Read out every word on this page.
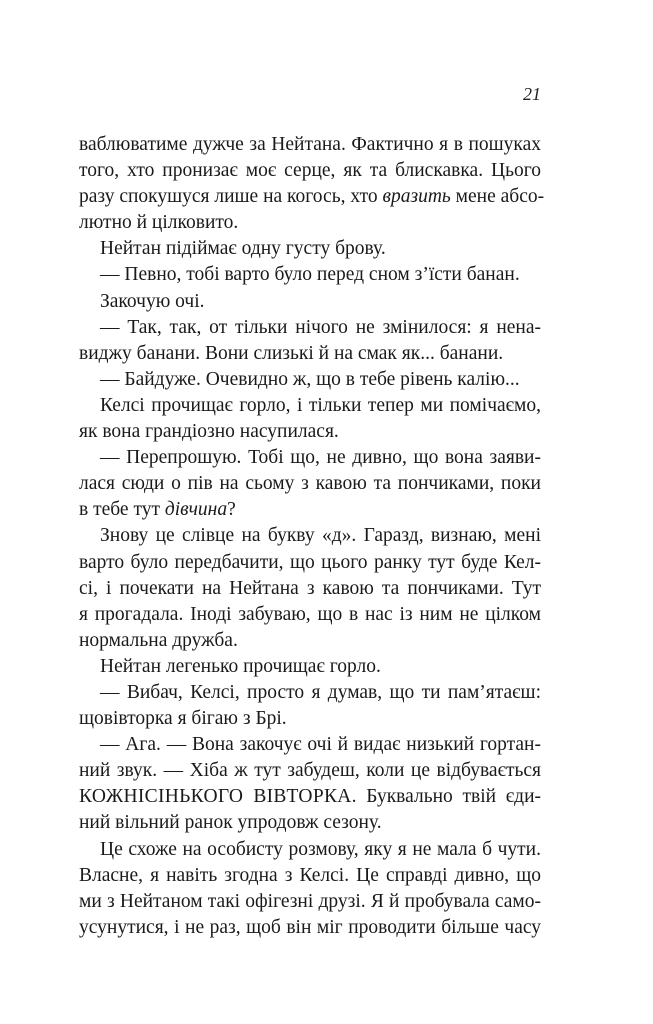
21
ваблюватиме дужче за Нейтана. Фактично я в пошуках
того, хто пронизає моє серце, як та блискавка. Цього
разу спокушуся лише на когось, хто вразить мене абсо-
лютно й цілковито.
Нейтан підіймає одну густу брову.
— Певно, тобі варто було перед сном з’їсти банан.
Закочую очі.
— Так, так, от тільки нічого не змінилося: я нена-
виджу банани. Вони слизькі й на смак як... банани.
— Байдуже. Очевидно ж, що в тебе рівень калію...
Келсі прочищає горло, і тільки тепер ми помічаємо,
як вона грандіозно насупилася.
— Перепрошую. Тобі що, не дивно, що вона заяви-
лася сюди о пів на сьому з кавою та пончиками, поки
в тебе тут дівчина?
Знову це слівце на букву «д». Гаразд, визнаю, мені
варто було передбачити, що цього ранку тут буде Кел-
сі, і почекати на Нейтана з кавою та пончиками. Тут
я прогадала. Іноді забуваю, що в нас із ним не цілком
нормальна дружба.
Нейтан легенько прочищає горло.
— Вибач, Келсі, просто я думав, що ти пам’ятаєш:
щовівторка я бігаю з Брі.
— Ага. — Вона закочує очі й видає низький гортан-
ний звук. — Хіба ж тут забудеш, коли це відбувається
КОЖНІСІНЬКОГО ВІВТОРКА. Буквально твій єди-
ний вільний ранок упродовж сезону.
Це схоже на особисту розмову, яку я не мала б чути.
Власне, я навіть згодна з Келсі. Це справді дивно, що
ми з Нейтаном такі офігезні друзі. Я й пробувала само-
усунутися, і не раз, щоб він міг проводити більше часу
